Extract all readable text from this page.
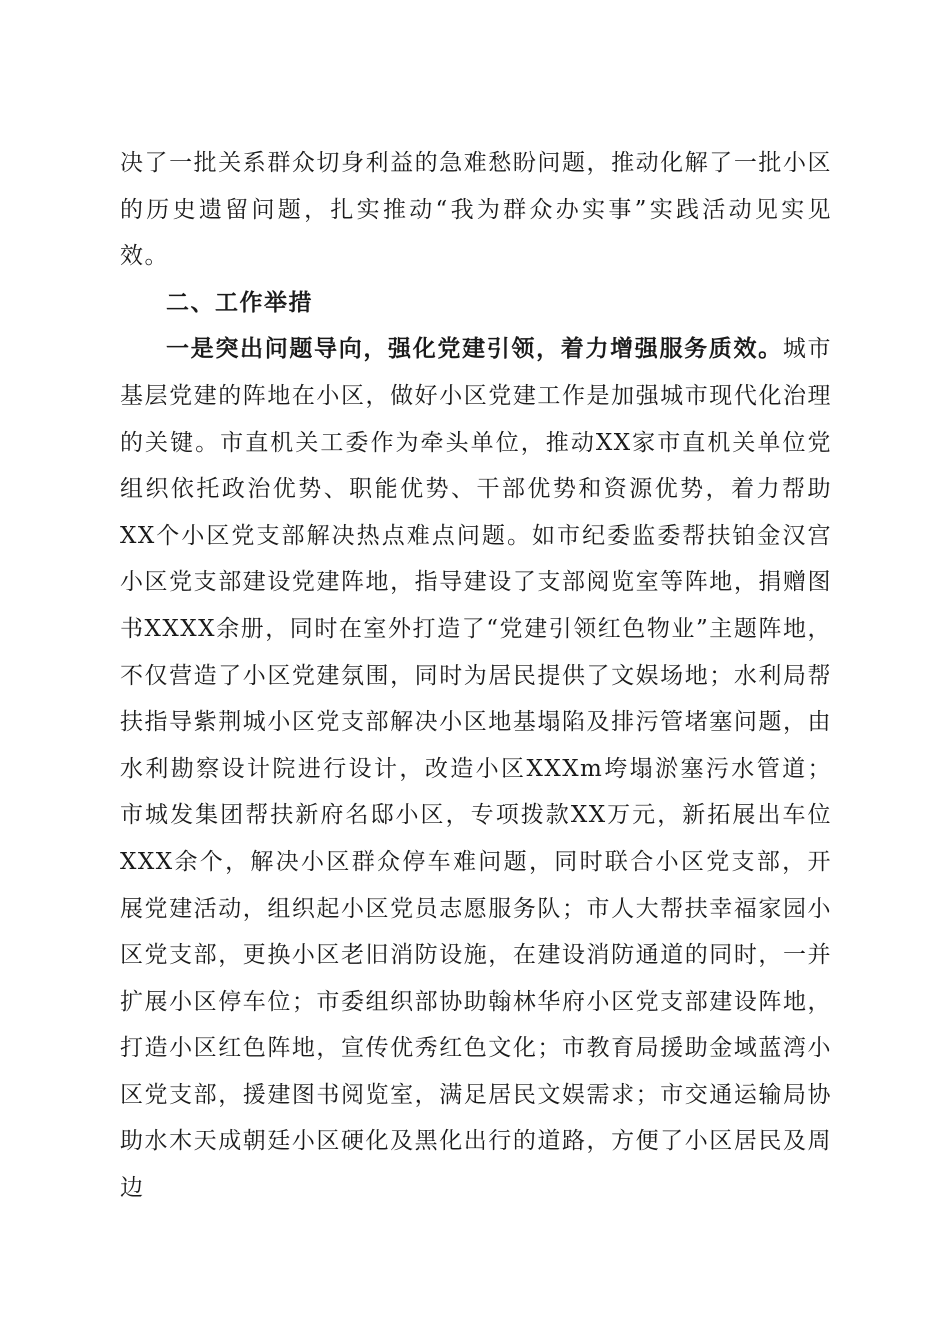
决了一批关系群众切身利益的急难愁盼问题，推动化解了一批小区的历史遗留问题，扎实推动“我为群众办实事”实践活动见实见效。

二、工作举措

一是突出问题导向，强化党建引领，着力增强服务质效。城市基层党建的阵地在小区，做好小区党建工作是加强城市现代化治理的关键。市直机关工委作为牵头单位，推动XX家市直机关单位党组织依托政治优势、职能优势、干部优势和资源优势，着力帮助XX个小区党支部解决热点难点问题。如市纪委监委帮扶铂金汉宫小区党支部建设党建阵地，指导建设了支部阅览室等阵地，捐赠图书XXXX余册，同时在室外打造了“党建引领红色物业”主题阵地，不仅营造了小区党建氛围，同时为居民提供了文娱场地；水利局帮扶指导紫荆城小区党支部解决小区地基塌陷及排污管堵塞问题，由水利勘察设计院进行设计，改造小区XXXm垮塌淤塞污水管道；市城发集团帮扶新府名邸小区，专项拨款XX万元，新拓展出车位XXX余个，解决小区群众停车难问题，同时联合小区党支部，开展党建活动，组织起小区党员志愿服务队；市人大帮扶幸福家园小区党支部，更换小区老旧消防设施，在建设消防通道的同时，一并扩展小区停车位；市委组织部协助翰林华府小区党支部建设阵地，打造小区红色阵地，宣传优秀红色文化；市教育局援助金域蓝湾小区党支部，援建图书阅览室，满足居民文娱需求；市交通运输局协助水木天成朝廷小区硬化及黑化出行的道路，方便了小区居民及周边
